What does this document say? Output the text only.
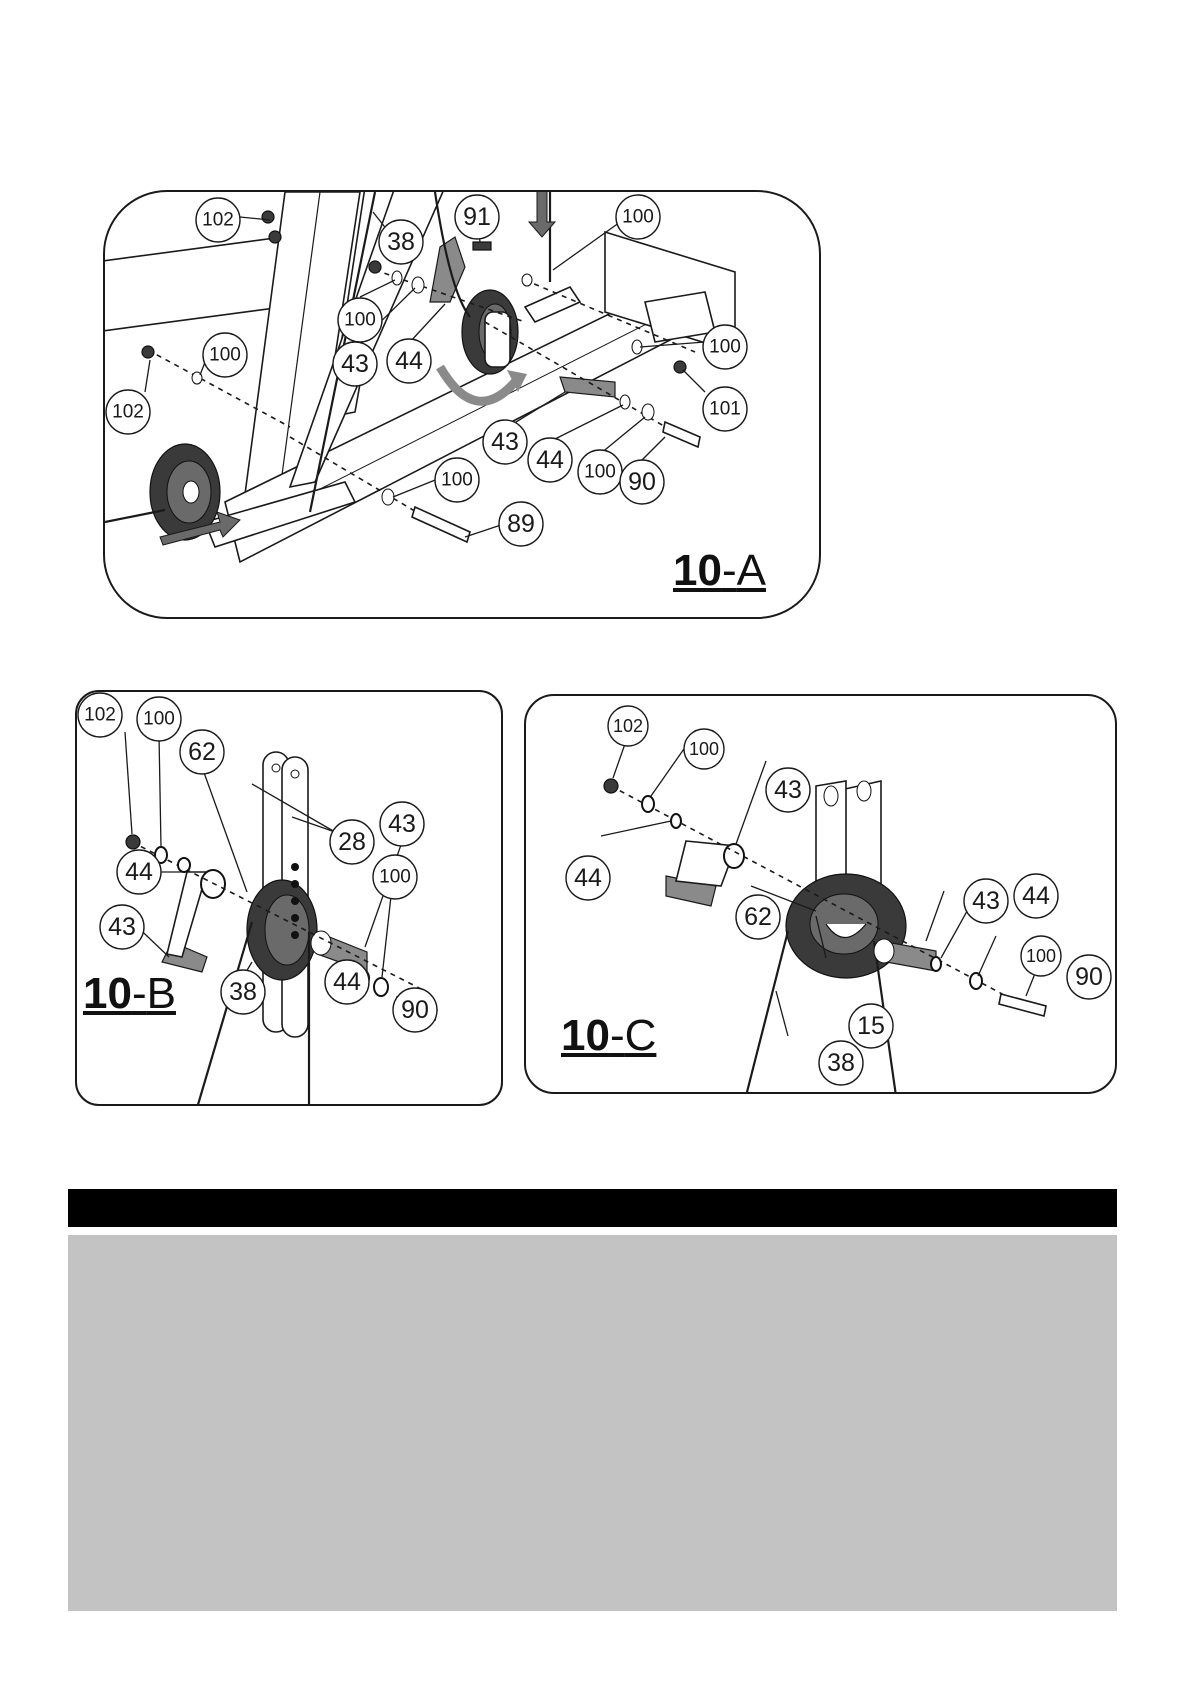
102
38
91	100
100
43 44
100	100
101
102
43
44 100 90
100
89
10-A
102 100
62
44
28
43
100
43
44
90
38
10-B
102
100
43
44
62
43 44
100
90
15
38
10-C
